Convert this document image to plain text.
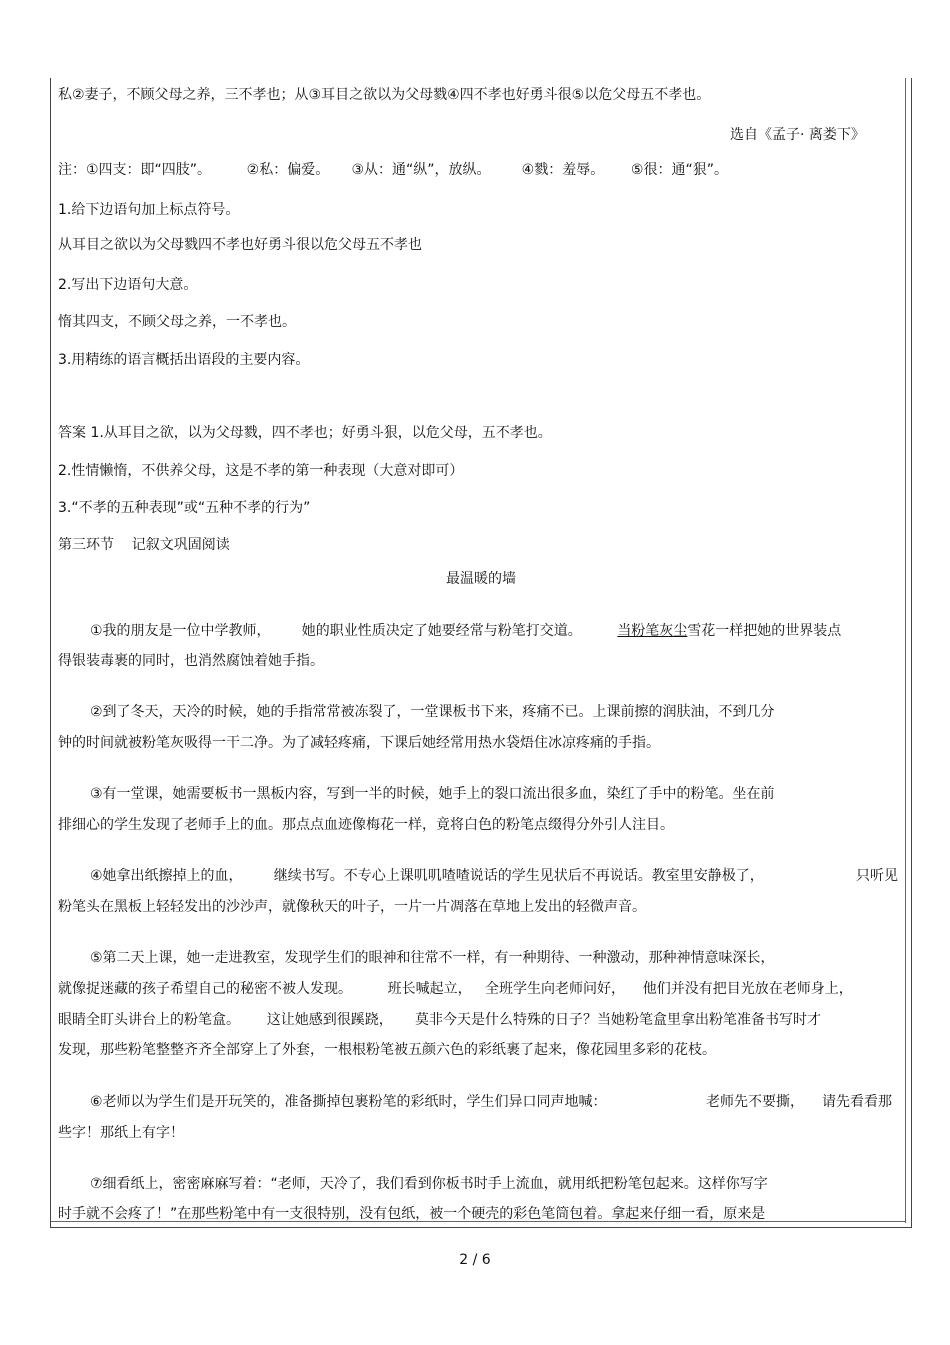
私②妻子，不顾父母之养，三不孝也；从③耳目之欲以为父母戮④四不孝也好勇斗很⑤以危父母五不孝也。
选自《孟子· 离娄下》
注：①四支：即“四肢”。        ②私：偏爱。     ③从：通“纵”，放纵。       ④戮：羞辱。      ⑤很：通“狠”。
1.给下边语句加上标点符号。
从耳目之欲以为父母戮四不孝也好勇斗很以危父母五不孝也
2.写出下边语句大意。
惰其四支，不顾父母之养，一不孝也。
3.用精练的语言概括出语段的主要内容。
答案 1.从耳目之欲，以为父母戮，四不孝也；好勇斗狠，以危父母，五不孝也。
2.性情懒惰，不供养父母，这是不孝的第一种表现（大意对即可）
3.“不孝的五种表现”或“五种不孝的行为”
第三环节    记叙文巩固阅读
最温暖的墙
①我的朋友是一位中学教师，       她的职业性质决定了她要经常与粉笔打交道。        当粉笔灰尘雪花一样把她的世界装点
得银装毒裹的同时，也消然腐蚀着她手指。
②到了冬天，天冷的时候，她的手指常常被冻裂了，一堂课板书下来，疼痛不已。上课前擦的润肤油，不到几分
钟的时间就被粉笔灰吸得一干二净。为了减轻疼痛，下课后她经常用热水袋焐住冰凉疼痛的手指。
③有一堂课，她需要板书一黑板内容，写到一半的时候，她手上的裂口流出很多血，染红了手中的粉笔。坐在前
排细心的学生发现了老师手上的血。那点点血迹像梅花一样，竟将白色的粉笔点缀得分外引人注目。
④她拿出纸擦掉上的血，       继续书写。不专心上课叽叽喳喳说话的学生见状后不再说话。教室里安静极了，	只听见
粉笔头在黑板上轻轻发出的沙沙声，就像秋天的叶子，一片一片凋落在草地上发出的轻微声音。
⑤第二天上课，她一走进教室，发现学生们的眼神和往常不一样，有一种期待、一种激动，那种神情意味深长，
就像捉迷藏的孩子希望自己的秘密不被人发现。        班长喊起立，   全班学生向老师问好，    他们并没有把目光放在老师身上，
眼睛全盯头讲台上的粉笔盒。      这让她感到很蹊跷，     莫非今天是什么特殊的日子？当她粉笔盒里拿出粉笔准备书写时才
发现，那些粉笔整整齐齐全部穿上了外套，一根根粉笔被五颜六色的彩纸裹了起来，像花园里多彩的花枝。
⑥老师以为学生们是开玩笑的，准备撕掉包裹粉笔的彩纸时，学生们异口同声地喊：	老师先不要撕， 请先看看那
些字！那纸上有字！
⑦细看纸上，密密麻麻写着：“老师，天冷了，我们看到你板书时手上流血，就用纸把粉笔包起来。这样你写字
时手就不会疼了！”在那些粉笔中有一支很特别，没有包纸，被一个硬壳的彩色笔筒包着。拿起来仔细一看，原来是
2 / 6
